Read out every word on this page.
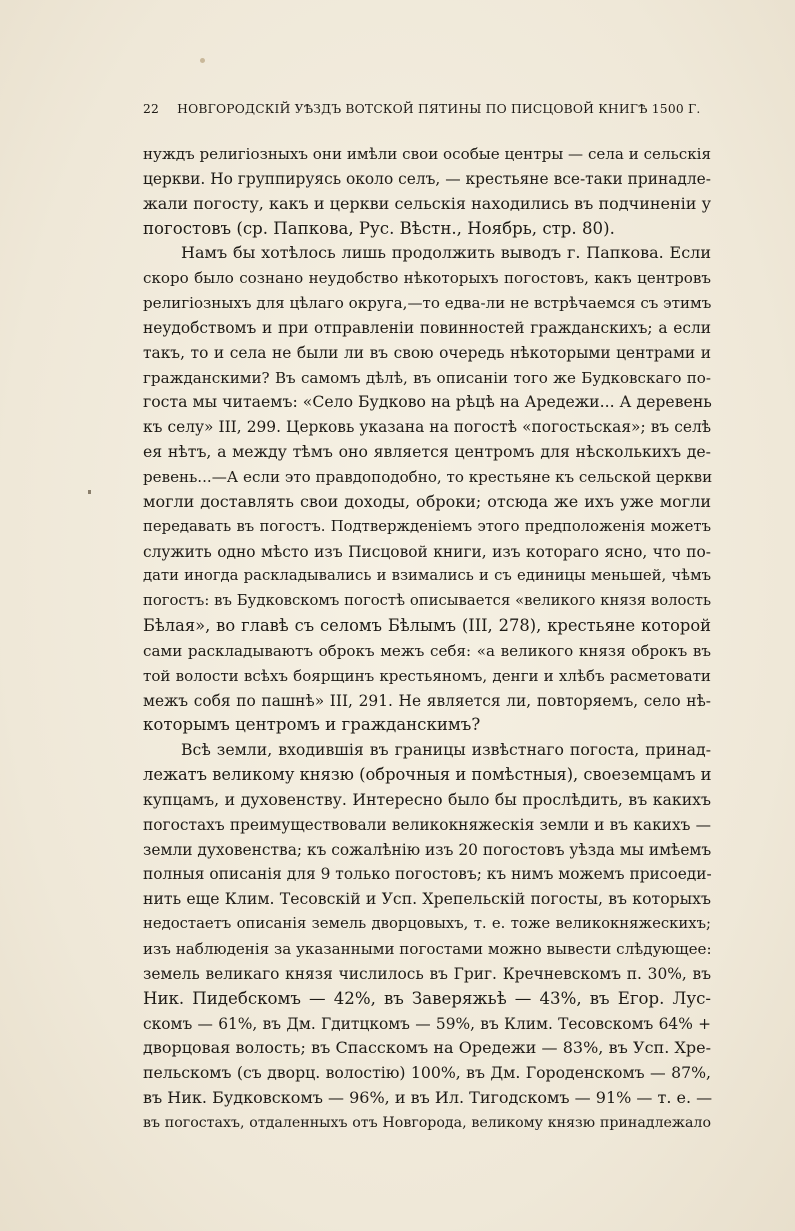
22 НОВГОРОДСКІЙ УѢЗДЪ ВОТСКОЙ ПЯТИНЫ ПО ПИСЦОВОЙ КНИГѢ 1500 Г.
нуждъ религіозныхъ они имѣли свои особые центры — села и сельскія
церкви. Но группируясь около селъ, — крестьяне все-таки принадле-
жали погосту, какъ и церкви сельскія находились въ подчиненіи у
погостовъ (ср. Папкова, Рус. Вѣстн., Ноябрь, стр. 80).
Намъ бы хотѣлось лишь продолжить выводъ г. Папкова. Если
скоро было сознано неудобство нѣкоторыхъ погостовъ, какъ центровъ
религіозныхъ для цѣлаго округа,—то едва-ли не встрѣчаемся съ этимъ
неудобствомъ и при отправленіи повинностей гражданскихъ; а если
такъ, то и села не были ли въ свою очередь нѣкоторыми центрами и
гражданскими? Въ самомъ дѣлѣ, въ описаніи того же Будковскаго по-
госта мы читаемъ: «Село Будково на рѣцѣ на Аредежи... А деревень
къ селу» III, 299. Церковь указана на погостѣ «погостьская»; въ селѣ
ея нѣтъ, а между тѣмъ оно является центромъ для нѣсколькихъ де-
ревень...—А если это правдоподобно, то крестьяне къ сельской церкви
могли доставлять свои доходы, оброки; отсюда же ихъ уже могли
передавать въ погостъ. Подтвержденіемъ этого предположенія можетъ
служить одно мѣсто изъ Писцовой книги, изъ котораго ясно, что по-
дати иногда раскладывались и взимались и съ единицы меньшей, чѣмъ
погостъ: въ Будковскомъ погостѣ описывается «великого князя волость
Бѣлая», во главѣ съ селомъ Бѣлымъ (III, 278), крестьяне которой
сами раскладываютъ оброкъ межъ себя: «а великого князя оброкъ въ
той волости всѣхъ боярщинъ крестьяномъ, денги и хлѣбъ расметовати
межъ собя по пашнѣ» III, 291. Не является ли, повторяемъ, село нѣ-
которымъ центромъ и гражданскимъ?
Всѣ земли, входившія въ границы извѣстнаго погоста, принад-
лежатъ великому князю (оброчныя и помѣстныя), своеземцамъ и
купцамъ, и духовенству. Интересно было бы прослѣдить, въ какихъ
погостахъ преимуществовали великокняжескія земли и въ какихъ —
земли духовенства; къ сожалѣнію изъ 20 погостовъ уѣзда мы имѣемъ
полныя описанія для 9 только погостовъ; къ нимъ можемъ присоеди-
нить еще Клим. Тесовскій и Усп. Хрепельскій погосты, въ которыхъ
недостаетъ описанія земель дворцовыхъ, т. е. тоже великокняжескихъ;
изъ наблюденія за указанными погостами можно вывести слѣдующее:
земель великаго князя числилось въ Григ. Кречневскомъ п. 30%, въ
Ник. Пидебскомъ — 42%, въ Заверяжьѣ — 43%, въ Егор. Лус-
скомъ — 61%, въ Дм. Гдитцкомъ — 59%, въ Клим. Тесовскомъ 64% +
дворцовая волость; въ Спасскомъ на Оредежи — 83%, въ Усп. Хре-
пельскомъ (съ дворц. волостію) 100%, въ Дм. Городенскомъ — 87%,
въ Ник. Будковскомъ — 96%, и въ Ил. Тигодскомъ — 91% — т. е. —
въ погостахъ, отдаленныхъ отъ Новгорода, великому князю принадлежало
